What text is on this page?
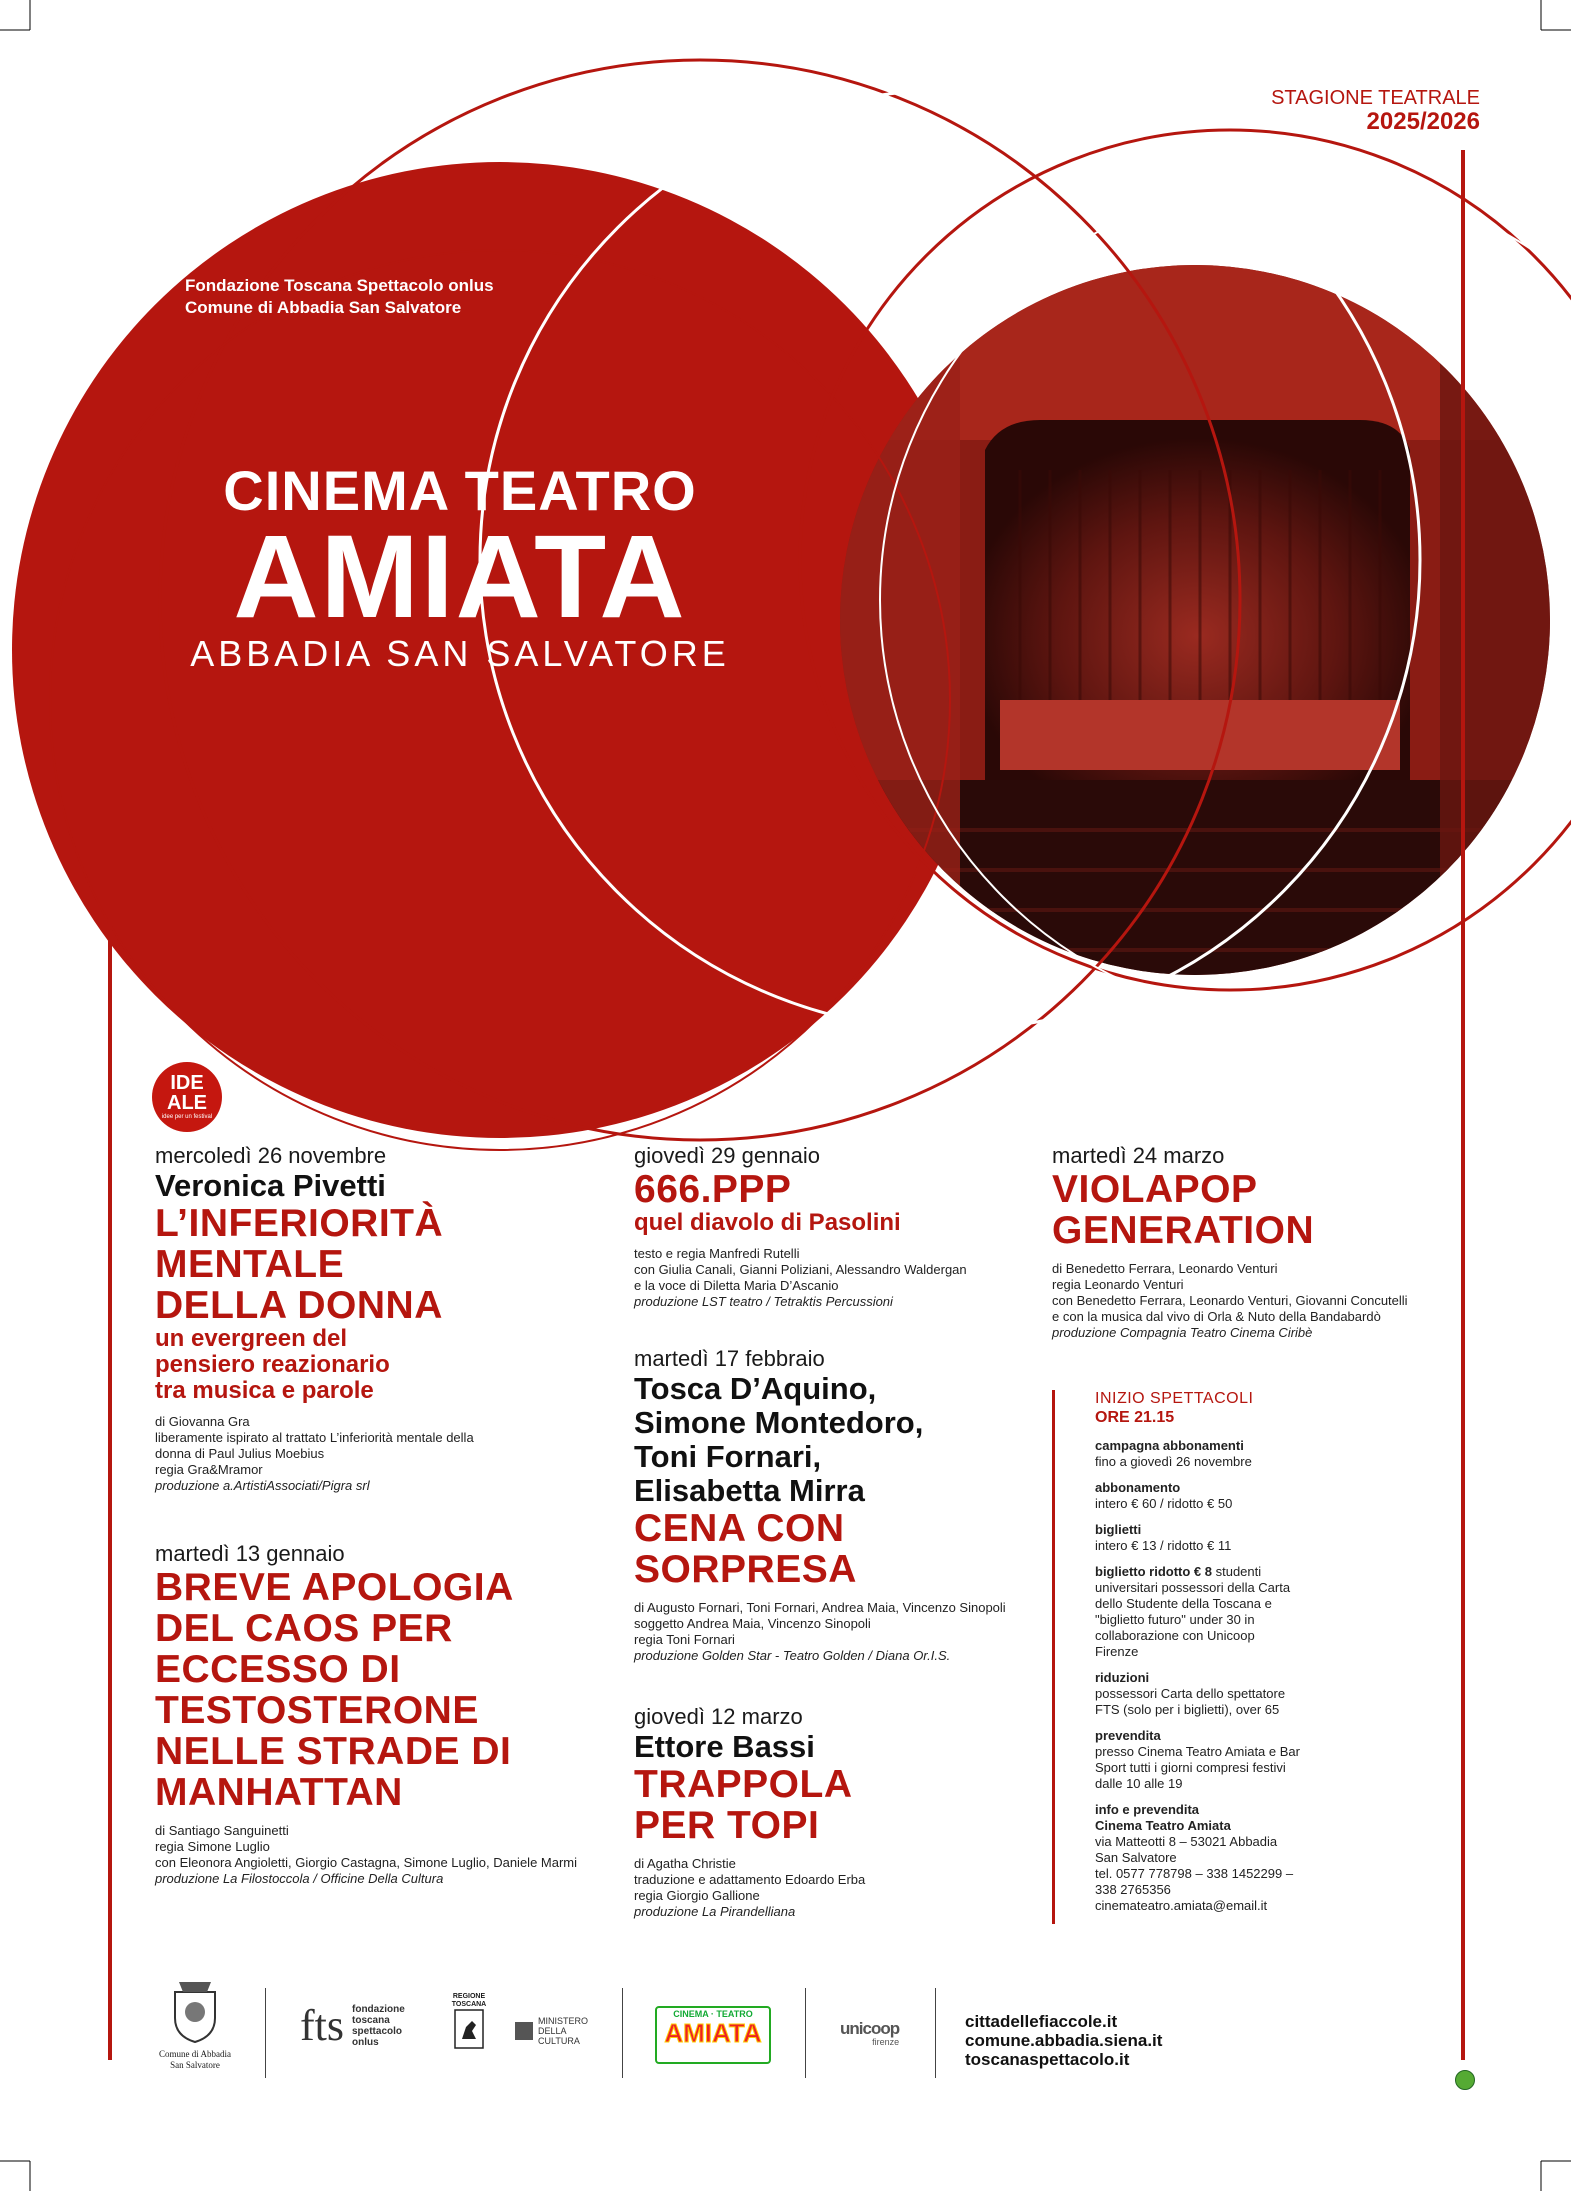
STAGIONE TEATRALE
2025/2026
Fondazione Toscana Spettacolo onlus
Comune di Abbadia San Salvatore
CINEMA TEATRO
AMIATA
ABBADIA SAN SALVATORE
IDE
ALE
idee per un festival
mercoledì 26 novembre
Veronica Pivetti
L’INFERIORITÀ
MENTALE
DELLA DONNA
un evergreen del
pensiero reazionario
tra musica e parole
di Giovanna Gra
liberamente ispirato al trattato L’inferiorità mentale della
donna di Paul Julius Moebius
regia Gra&Mramor
produzione a.ArtistiAssociati/Pigra srl
martedì 13 gennaio
BREVE APOLOGIA
DEL CAOS PER
ECCESSO DI
TESTOSTERONE
NELLE STRADE DI
MANHATTAN
di Santiago Sanguinetti
regia Simone Luglio
con Eleonora Angioletti, Giorgio Castagna, Simone Luglio, Daniele Marmi
produzione La Filostoccola / Officine Della Cultura
giovedì 29 gennaio
666.PPP
quel diavolo di Pasolini
testo e regia Manfredi Rutelli
con Giulia Canali, Gianni Poliziani, Alessandro Waldergan
e la voce di Diletta Maria D’Ascanio
produzione LST teatro / Tetraktis Percussioni
martedì 17 febbraio
Tosca D’Aquino,
Simone Montedoro,
Toni Fornari,
Elisabetta Mirra
CENA CON
SORPRESA
di Augusto Fornari, Toni Fornari, Andrea Maia, Vincenzo Sinopoli
soggetto Andrea Maia, Vincenzo Sinopoli
regia Toni Fornari
produzione Golden Star - Teatro Golden / Diana Or.I.S.
giovedì 12 marzo
Ettore Bassi
TRAPPOLA
PER TOPI
di Agatha Christie
traduzione e adattamento Edoardo Erba
regia Giorgio Gallione
produzione La Pirandelliana
martedì 24 marzo
VIOLAPOP
GENERATION
di Benedetto Ferrara, Leonardo Venturi
regia Leonardo Venturi
con Benedetto Ferrara, Leonardo Venturi, Giovanni Concutelli
e con la musica dal vivo di Orla & Nuto della Bandabardò
produzione Compagnia Teatro Cinema Ciribè
INIZIO SPETTACOLI
ORE 21.15
campagna abbonamenti
fino a giovedì 26 novembre
abbonamento
intero € 60 / ridotto € 50
biglietti
intero € 13 / ridotto € 11
biglietto ridotto € 8 studenti
universitari possessori della Carta
dello Studente della Toscana e
"biglietto futuro" under 30 in
collaborazione con Unicoop
Firenze
riduzioni
possessori Carta dello spettatore
FTS (solo per i biglietti), over 65
prevendita
presso Cinema Teatro Amiata e Bar
Sport tutti i giorni compresi festivi
dalle 10 alle 19
info e prevendita
Cinema Teatro Amiata
via Matteotti 8 – 53021 Abbadia
San Salvatore
tel. 0577 778798 – 338 1452299 –
338 2765356
cinemateatro.amiata@email.it
Comune di Abbadia
San Salvatore
fts fondazione
toscana
spettacolo
onlus
REGIONE
TOSCANA
MINISTERO
DELLA
CULTURA
CINEMA · TEATRO
AMIATA	unicoop
firenze
cittadellefiaccole.it
comune.abbadia.siena.it
toscanaspettacolo.it
